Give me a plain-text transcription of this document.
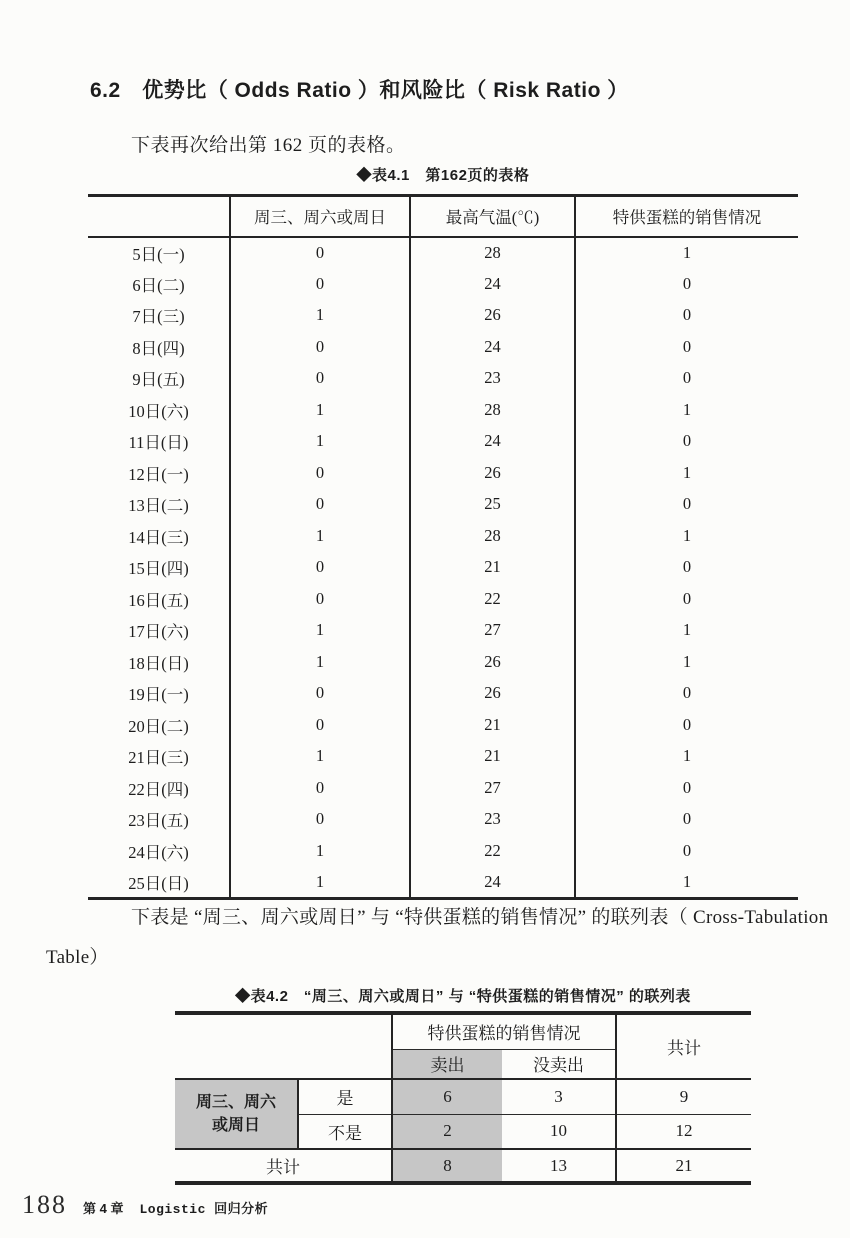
6.2　优势比（ Odds Ratio ）和风险比（ Risk Ratio ）

下表再次给出第 162 页的表格。

◆表4.1　第162页的表格
	周三、周六或周日	最高气温(℃)	特供蛋糕的销售情况
5日(一)	0	28	1
6日(二)	0	24	0
7日(三)	1	26	0
8日(四)	0	24	0
9日(五)	0	23	0
10日(六)	1	28	1
11日(日)	1	24	0
12日(一)	0	26	1
13日(二)	0	25	0
14日(三)	1	28	1
15日(四)	0	21	0
16日(五)	0	22	0
17日(六)	1	27	1
18日(日)	1	26	1
19日(一)	0	26	0
20日(二)	0	21	0
21日(三)	1	21	1
22日(四)	0	27	0
23日(五)	0	23	0
24日(六)	1	22	0
25日(日)	1	24	1

下表是 “周三、周六或周日” 与 “特供蛋糕的销售情况” 的联列表（ Cross-Tabulation
Table）

◆表4.2　“周三、周六或周日” 与 “特供蛋糕的销售情况” 的联列表
		特供蛋糕的销售情况		共计
		卖出	没卖出	
周三、周六
或周日	是	6	3	9
	不是	2	10	12
共计		8	13	21
188 第 4 章 Logistic 回归分析
